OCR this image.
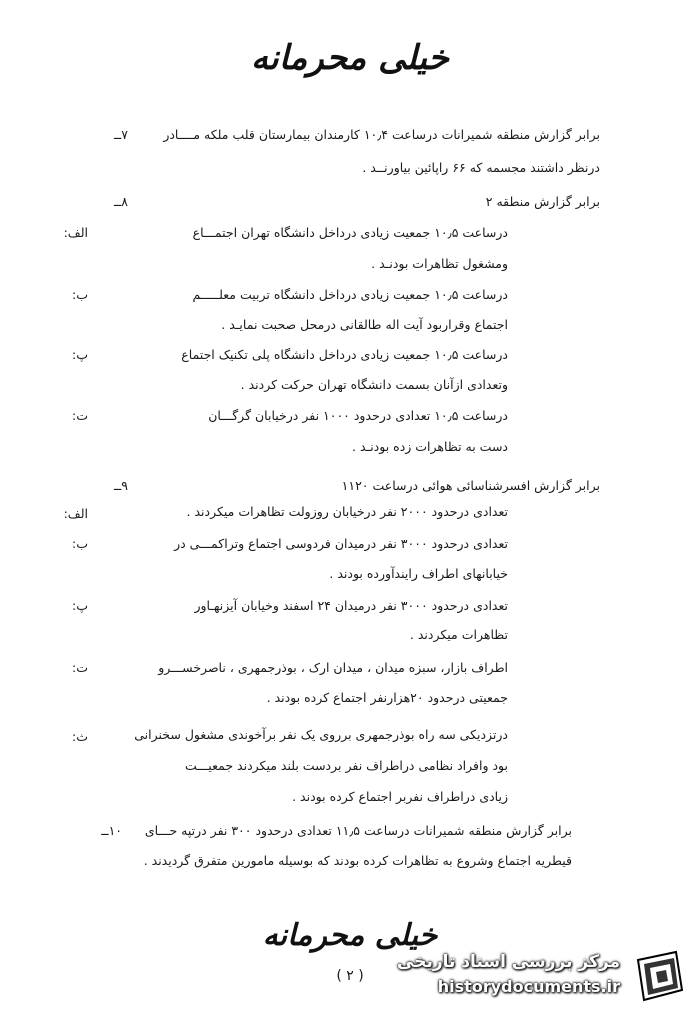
خیلی محرمانه
۷ــ	برابر گزارش منطقه شمیرانات درساعت ۱۰٫۴ کارمندان بیمارستان قلب ملکه مــــادر
درنظر داشتند مجسمه که ۶۶ راپائین بیاورنــد .
۸ــ	برابر گزارش منطقه ۲
الف:	درساعت ۱۰٫۵ جمعیت زیادی درداخل دانشگاه تهران اجتمـــاع
ومشغول تظاهرات بودنـد .
ب:	درساعت ۱۰٫۵ جمعیت زیادی درداخل دانشگاه تربیت معلـــــم
اجتماع وقراربود آیت اله طالقانی درمحل صحبت نمایـد .
پ:	درساعت ۱۰٫۵ جمعیت زیادی درداخل دانشگاه پلی تکنیک اجتماع
وتعدادی ازآنان بسمت دانشگاه تهران حرکت کردند .
ت:	درساعت ۱۰٫۵ تعدادی درحدود ۱۰۰۰ نفر درخیابان گرگـــان
دست به تظاهرات زده بودنـد .
۹ــ	برابر گزارش افسرشناسائی هوائی درساعت ۱۱۲۰
الف:	تعدادی درحدود ۲۰۰۰ نفر درخیابان روزولت تظاهرات میکردند .
ب:	تعدادی درحدود ۳۰۰۰ نفر درمیدان فردوسی اجتماع وتراکمـــی در
خیابانهای اطراف رایندآورده بودند .
پ:	تعدادی درحدود ۳۰۰۰ نفر درمیدان ۲۴ اسفند وخیابان آیزنهـاور
تظاهرات میکردند .
ت:	اطراف بازار، سبزه میدان ، میدان ارک ، بوذرجمهری ، ناصرخســـرو
جمعیتی درحدود ۲۰هزارنفر اجتماع کرده بودند .
ث:	درتزدیکی سه راه بوذرجمهری برروی یک نفر برآخوندی مشغول سخنرانی
بود وافراد نظامی دراطراف نفر بردست بلند میکردند جمعیـــت
زیادی دراطراف نفربر اجتماع کرده بودند .
۱۰ــ	برابر گزارش منطقه شمیرانات درساعت ۱۱٫۵ تعدادی درحدود ۳۰۰ نفر درتپه حـــای
قیطریه اجتماع وشروع به تظاهرات کرده بودند که بوسیله مامورین متفرق گردیدند .
خیلی محرمانه
( ۲ )
مرکز بررسی اسناد تاریخی
historydocuments.ir
